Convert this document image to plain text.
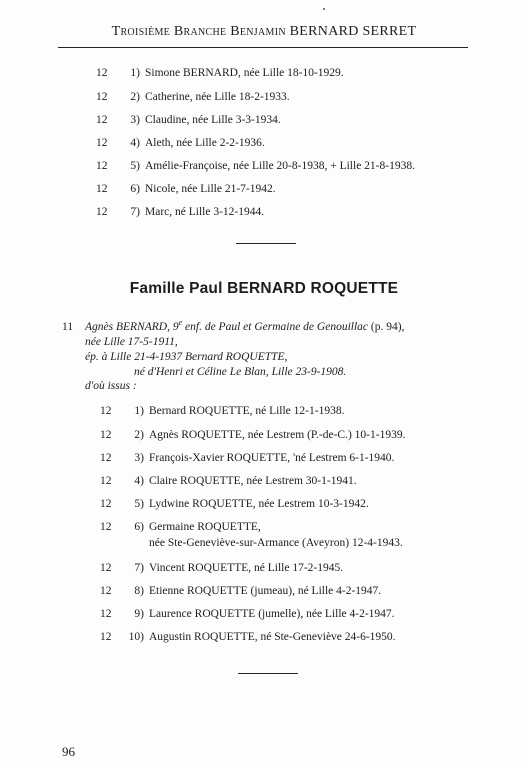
Troisième Branche Benjamin BERNARD SERRET
12 1) Simone BERNARD, née Lille 18-10-1929.
12 2) Catherine, née Lille 18-2-1933.
12 3) Claudine, née Lille 3-3-1934.
12 4) Aleth, née Lille 2-2-1936.
12 5) Amélie-Françoise, née Lille 20-8-1938, + Lille 21-8-1938.
12 6) Nicole, née Lille 21-7-1942.
12 7) Marc, né Lille 3-12-1944.
Famille Paul BERNARD ROQUETTE
11 Agnès BERNARD, 9e enf. de Paul et Germaine de Genouillac (p. 94),
née Lille 17-5-1911,
ép. à Lille 21-4-1937 Bernard ROQUETTE,
né d'Henri et Céline Le Blan, Lille 23-9-1908.
d'où issus :
12 1) Bernard ROQUETTE, né Lille 12-1-1938.
12 2) Agnès ROQUETTE, née Lestrem (P.-de-C.) 10-1-1939.
12 3) François-Xavier ROQUETTE, 'né Lestrem 6-1-1940.
12 4) Claire ROQUETTE, née Lestrem 30-1-1941.
12 5) Lydwine ROQUETTE, née Lestrem 10-3-1942.
12 6) Germaine ROQUETTE,
née Ste-Geneviève-sur-Armance (Aveyron) 12-4-1943.
12 7) Vincent ROQUETTE, né Lille 17-2-1945.
12 8) Etienne ROQUETTE (jumeau), né Lille 4-2-1947.
12 9) Laurence ROQUETTE (jumelle), née Lille 4-2-1947.
12 10) Augustin ROQUETTE, né Ste-Geneviève 24-6-1950.
96
